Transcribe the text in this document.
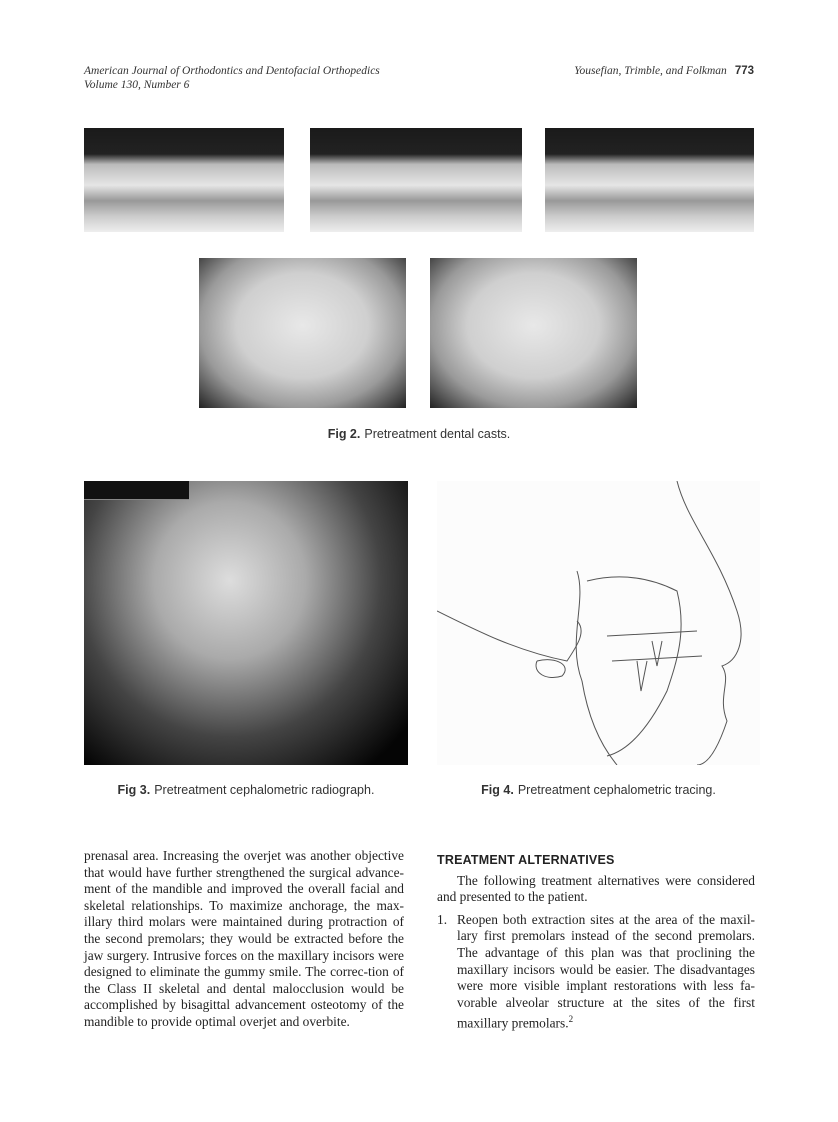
American Journal of Orthodontics and Dentofacial Orthopedics
Volume 130, Number 6
Yousefian, Trimble, and Folkman 773
Fig 2. Pretreatment dental casts.
Fig 3. Pretreatment cephalometric radiograph.	Fig 4. Pretreatment cephalometric tracing.
prenasal area. Increasing the overjet was another objective that would have further strengthened the surgical advance-ment of the mandible and improved the overall facial and skeletal relationships. To maximize anchorage, the max-illary third molars were maintained during protraction of the second premolars; they would be extracted before the jaw surgery. Intrusive forces on the maxillary incisors were designed to eliminate the gummy smile. The correc-tion of the Class II skeletal and dental malocclusion would be accomplished by bisagittal advancement osteotomy of the mandible to provide optimal overjet and overbite.
TREATMENT ALTERNATIVES

The following treatment alternatives were considered and presented to the patient.

1. Reopen both extraction sites at the area of the maxil-lary first premolars instead of the second premolars. The advantage of this plan was that proclining the maxillary incisors would be easier. The disadvantages were more visible implant restorations with less fa-vorable alveolar structure at the sites of the first maxillary premolars.$^2$
